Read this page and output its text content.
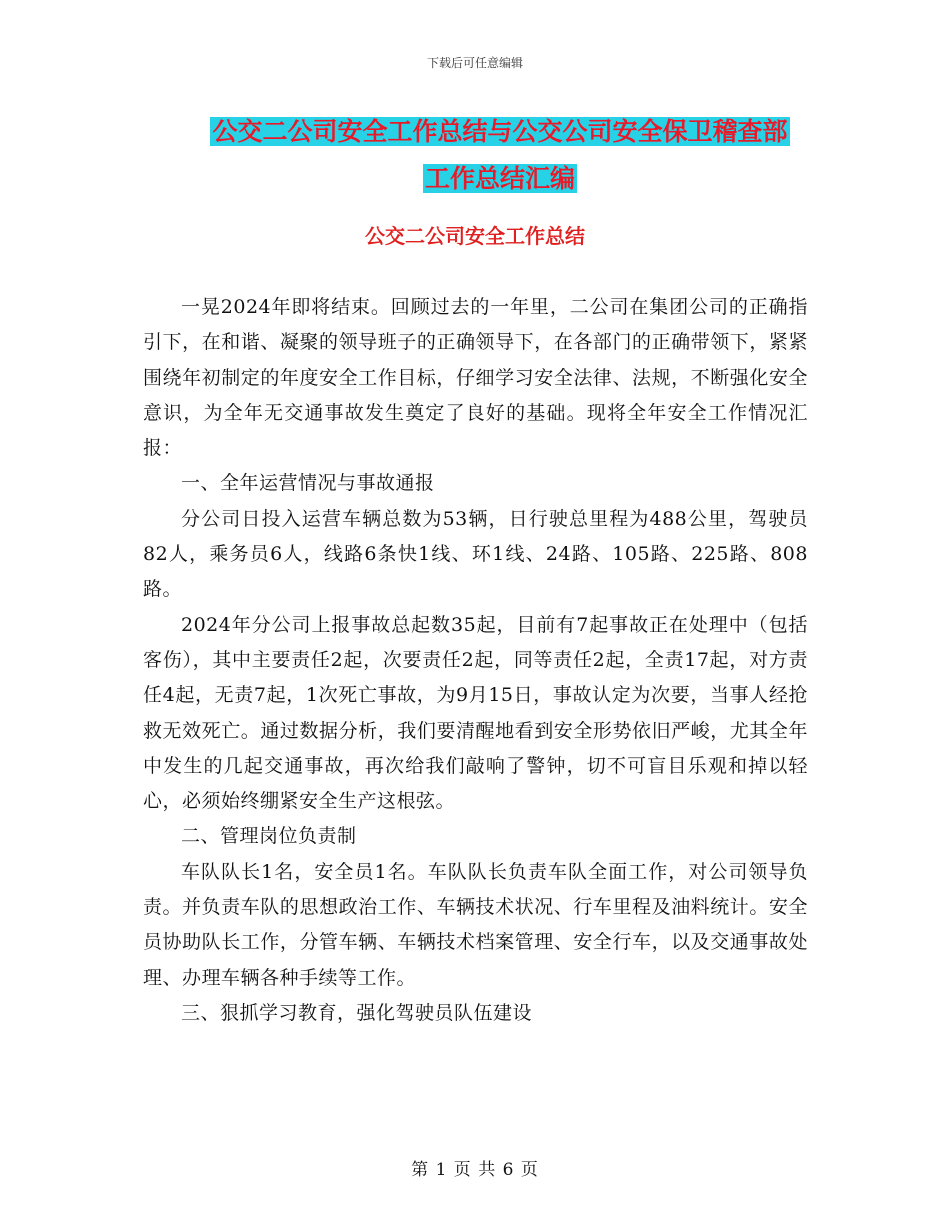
下载后可任意编辑
公交二公司安全工作总结与公交公司安全保卫稽查部
工作总结汇编
公交二公司安全工作总结

一晃2024年即将结束。回顾过去的一年里，二公司在集团公司的正确指引下，在和谐、凝聚的领导班子的正确领导下，在各部门的正确带领下，紧紧围绕年初制定的年度安全工作目标，仔细学习安全法律、法规，不断强化安全意识，为全年无交通事故发生奠定了良好的基础。现将全年安全工作情况汇报：

一、全年运营情况与事故通报

分公司日投入运营车辆总数为53辆，日行驶总里程为488公里，驾驶员82人，乘务员6人，线路6条快1线、环1线、24路、105路、225路、808路。

2024年分公司上报事故总起数35起，目前有7起事故正在处理中（包括客伤），其中主要责任2起，次要责任2起，同等责任2起，全责17起，对方责任4起，无责7起，1次死亡事故，为9月15日，事故认定为次要，当事人经抢救无效死亡。通过数据分析，我们要清醒地看到安全形势依旧严峻，尤其全年中发生的几起交通事故，再次给我们敲响了警钟，切不可盲目乐观和掉以轻心，必须始终绷紧安全生产这根弦。

二、管理岗位负责制

车队队长1名，安全员1名。车队队长负责车队全面工作，对公司领导负责。并负责车队的思想政治工作、车辆技术状况、行车里程及油料统计。安全员协助队长工作，分管车辆、车辆技术档案管理、安全行车，以及交通事故处理、办理车辆各种手续等工作。

三、狠抓学习教育，强化驾驶员队伍建设

第 1 页 共 6 页
